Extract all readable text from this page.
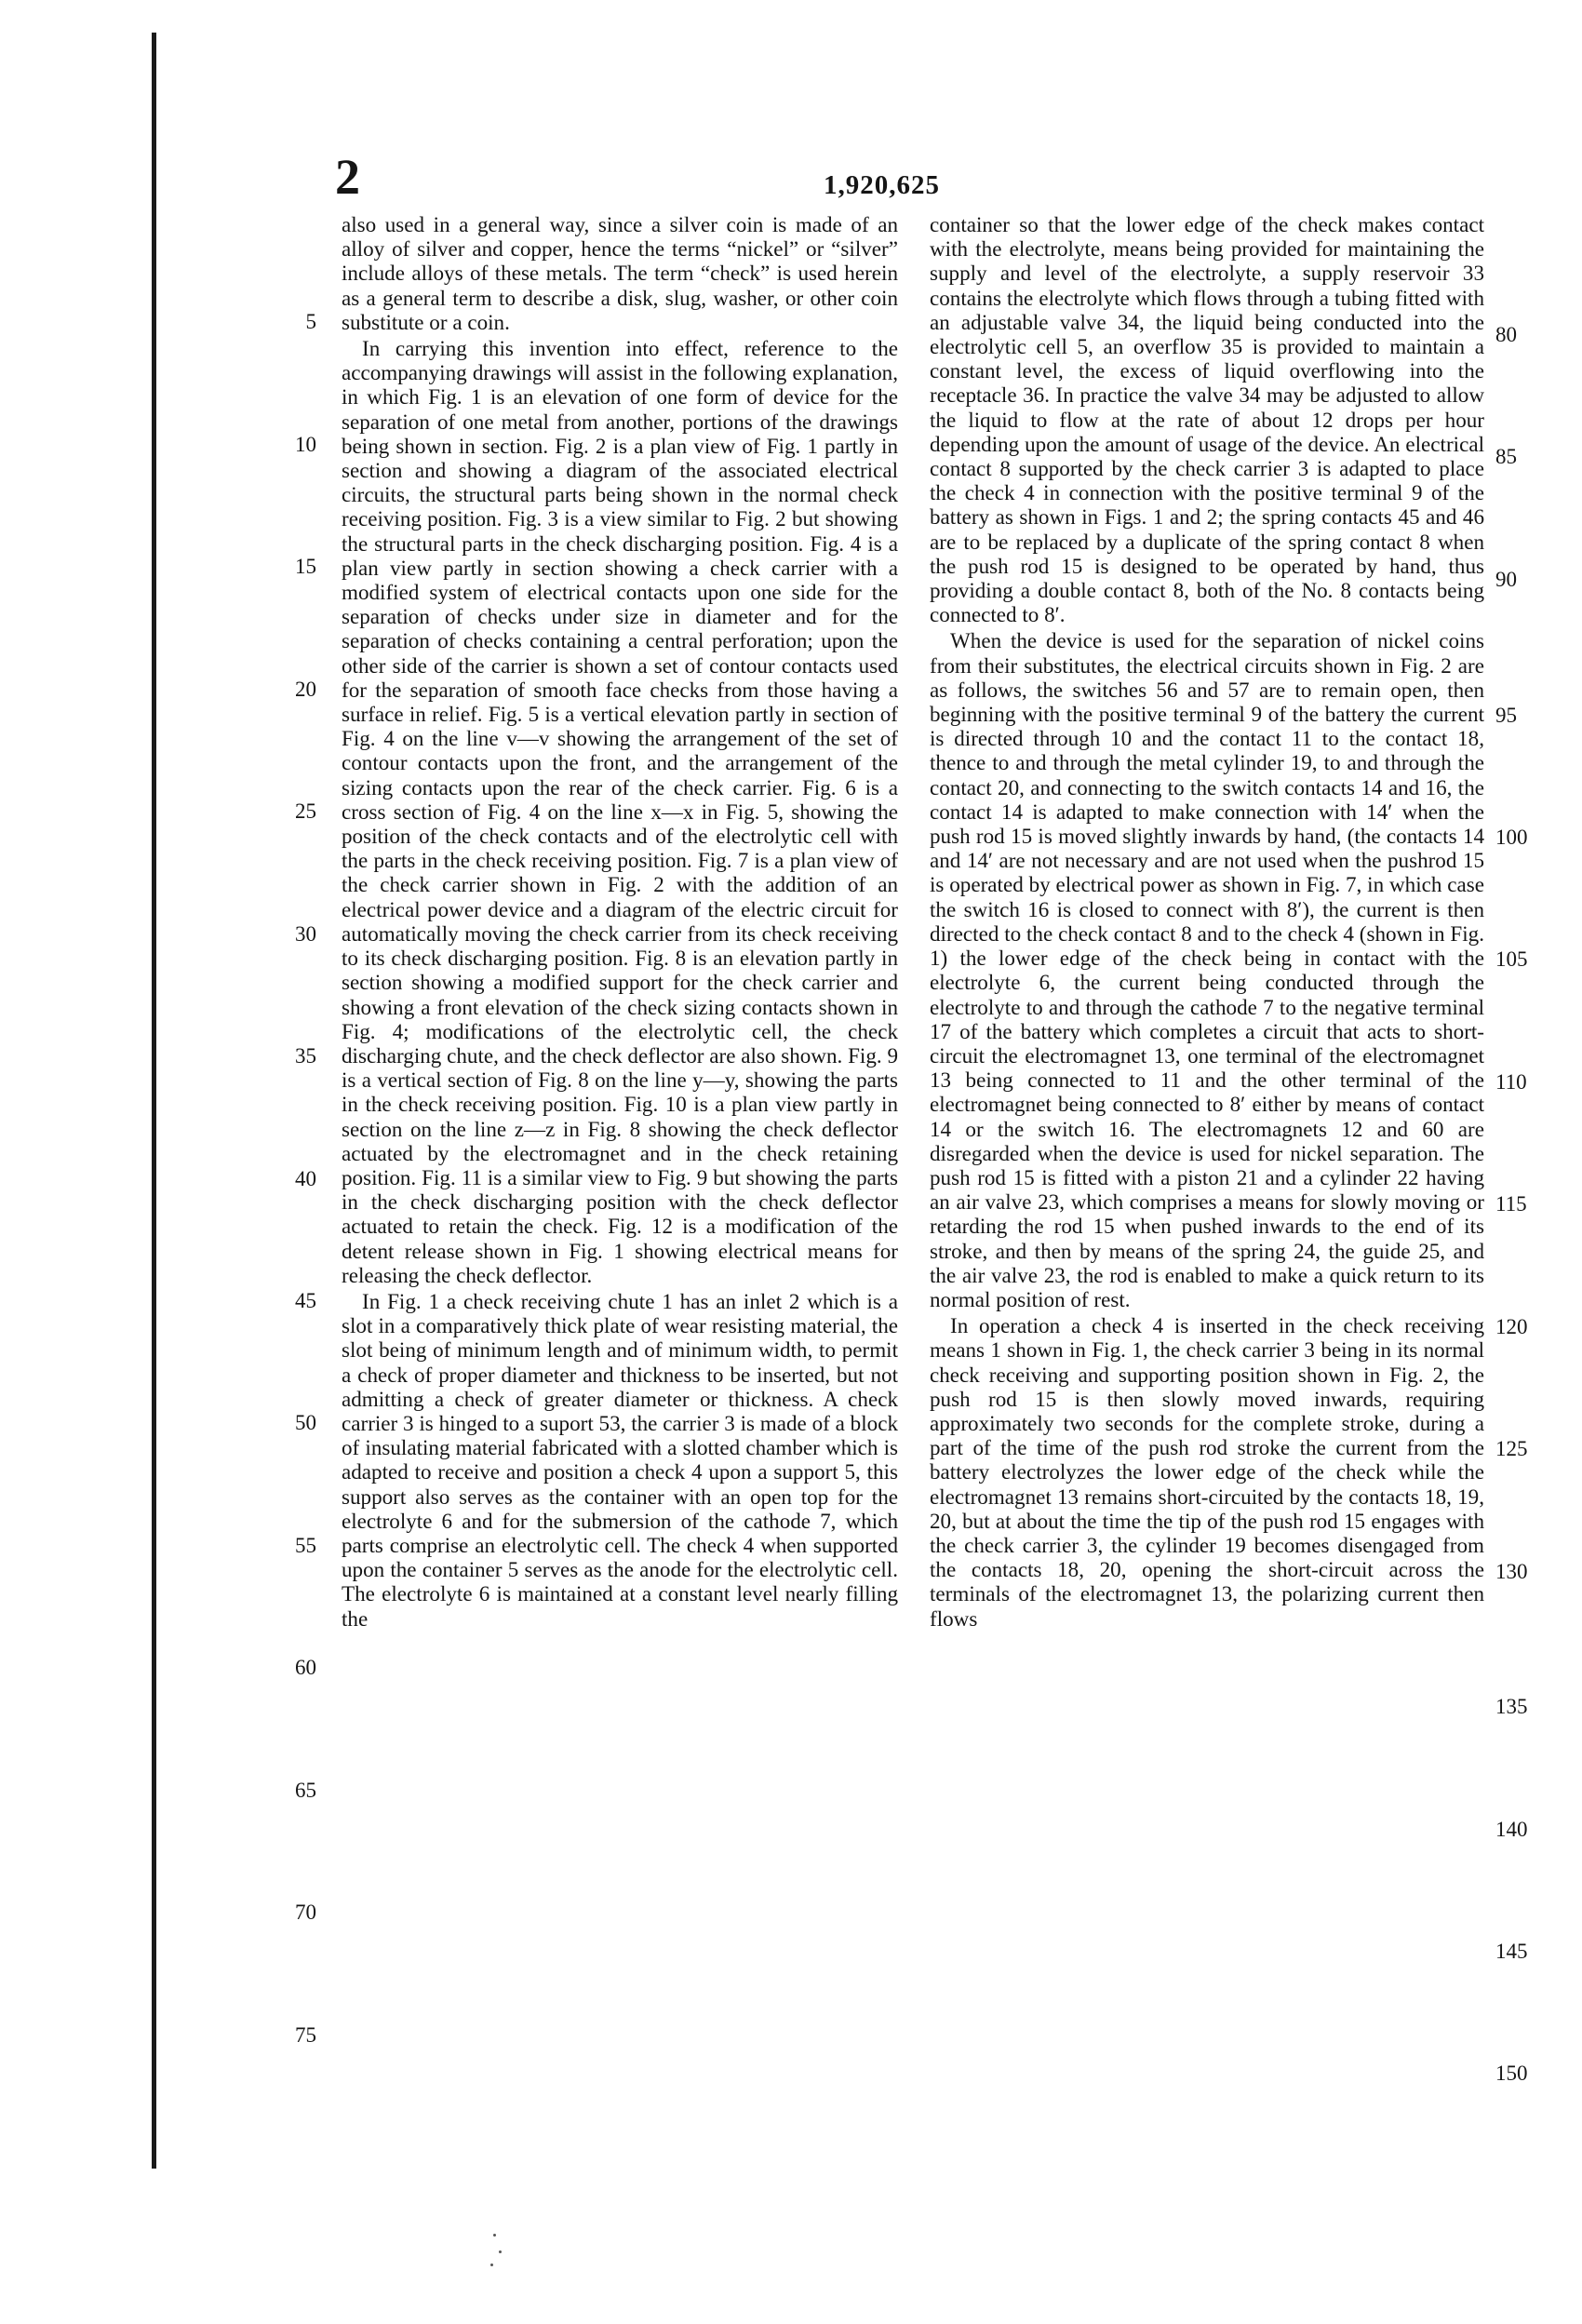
2	1,920,625

also used in a general way, since a silver coin is made of an alloy of silver and copper, hence the terms “nickel” or “silver” include alloys of these metals. The term “check” is used herein as a general term to describe a disk, slug, washer, or other coin substitute or a coin.

In carrying this invention into effect, reference to the accompanying drawings will assist in the following explanation, in which Fig. 1 is an elevation of one form of device for the separation of one metal from another, portions of the drawings being shown in section. Fig. 2 is a plan view of Fig. 1 partly in section and showing a diagram of the associated electrical circuits, the structural parts being shown in the normal check receiving position. Fig. 3 is a view similar to Fig. 2 but showing the structural parts in the check discharging position. Fig. 4 is a plan view partly in section showing a check carrier with a modified system of electrical contacts upon one side for the separation of checks under size in diameter and for the separation of checks containing a central perforation; upon the other side of the carrier is shown a set of contour contacts used for the separation of smooth face checks from those having a surface in relief. Fig. 5 is a vertical elevation partly in section of Fig. 4 on the line v—v showing the arrangement of the set of contour contacts upon the front, and the arrangement of the sizing contacts upon the rear of the check carrier. Fig. 6 is a cross section of Fig. 4 on the line x—x in Fig. 5, showing the position of the check contacts and of the electrolytic cell with the parts in the check receiving position. Fig. 7 is a plan view of the check carrier shown in Fig. 2 with the addition of an electrical power device and a diagram of the electric circuit for automatically moving the check carrier from its check receiving to its check discharging position. Fig. 8 is an elevation partly in section showing a modified support for the check carrier and showing a front elevation of the check sizing contacts shown in Fig. 4; modifications of the electrolytic cell, the check discharging chute, and the check deflector are also shown. Fig. 9 is a vertical section of Fig. 8 on the line y—y, showing the parts in the check receiving position. Fig. 10 is a plan view partly in section on the line z—z in Fig. 8 showing the check deflector actuated by the electromagnet and in the check retaining position. Fig. 11 is a similar view to Fig. 9 but showing the parts in the check discharging position with the check deflector actuated to retain the check. Fig. 12 is a modification of the detent release shown in Fig. 1 showing electrical means for releasing the check deflector.

In Fig. 1 a check receiving chute 1 has an inlet 2 which is a slot in a comparatively thick plate of wear resisting material, the slot being of minimum length and of minimum width, to permit a check of proper diameter and thickness to be inserted, but not admitting a check of greater diameter or thickness. A check carrier 3 is hinged to a suport 53, the carrier 3 is made of a block of insulating material fabricated with a slotted chamber which is adapted to receive and position a check 4 upon a support 5, this support also serves as the container with an open top for the electrolyte 6 and for the submersion of the cathode 7, which parts comprise an electrolytic cell. The check 4 when supported upon the container 5 serves as the anode for the electrolytic cell. The electrolyte 6 is maintained at a constant level nearly filling the

container so that the lower edge of the check makes contact with the electrolyte, means being provided for maintaining the supply and level of the electrolyte, a supply reservoir 33 contains the electrolyte which flows through a tubing fitted with an adjustable valve 34, the liquid being conducted into the electrolytic cell 5, an overflow 35 is provided to maintain a constant level, the excess of liquid overflowing into the receptacle 36. In practice the valve 34 may be adjusted to allow the liquid to flow at the rate of about 12 drops per hour depending upon the amount of usage of the device. An electrical contact 8 supported by the check carrier 3 is adapted to place the check 4 in connection with the positive terminal 9 of the battery as shown in Figs. 1 and 2; the spring contacts 45 and 46 are to be replaced by a duplicate of the spring contact 8 when the push rod 15 is designed to be operated by hand, thus providing a double contact 8, both of the No. 8 contacts being connected to 8′.

When the device is used for the separation of nickel coins from their substitutes, the electrical circuits shown in Fig. 2 are as follows, the switches 56 and 57 are to remain open, then beginning with the positive terminal 9 of the battery the current is directed through 10 and the contact 11 to the contact 18, thence to and through the metal cylinder 19, to and through the contact 20, and connecting to the switch contacts 14 and 16, the contact 14 is adapted to make connection with 14′ when the push rod 15 is moved slightly inwards by hand, (the contacts 14 and 14′ are not necessary and are not used when the pushrod 15 is operated by electrical power as shown in Fig. 7, in which case the switch 16 is closed to connect with 8′), the current is then directed to the check contact 8 and to the check 4 (shown in Fig. 1) the lower edge of the check being in contact with the electrolyte 6, the current being conducted through the electrolyte to and through the cathode 7 to the negative terminal 17 of the battery which completes a circuit that acts to short-circuit the electromagnet 13, one terminal of the electromagnet 13 being connected to 11 and the other terminal of the electromagnet being connected to 8′ either by means of contact 14 or the switch 16. The electromagnets 12 and 60 are disregarded when the device is used for nickel separation. The push rod 15 is fitted with a piston 21 and a cylinder 22 having an air valve 23, which comprises a means for slowly moving or retarding the rod 15 when pushed inwards to the end of its stroke, and then by means of the spring 24, the guide 25, and the air valve 23, the rod is enabled to make a quick return to its normal position of rest.

In operation a check 4 is inserted in the check receiving means 1 shown in Fig. 1, the check carrier 3 being in its normal check receiving and supporting position shown in Fig. 2, the push rod 15 is then slowly moved inwards, requiring approximately two seconds for the complete stroke, during a part of the time of the push rod stroke the current from the battery electrolyzes the lower edge of the check while the electromagnet 13 remains short-circuited by the contacts 18, 19, 20, but at about the time the tip of the push rod 15 engages with the check carrier 3, the cylinder 19 becomes disengaged from the contacts 18, 20, opening the short-circuit across the terminals of the electromagnet 13, the polarizing current then flows

5
10
15
20
25
30
35
40
45
50
55
60
65
70
75
80
85
90
95
100
105
110
115
120
125
130
135
140
145
150
